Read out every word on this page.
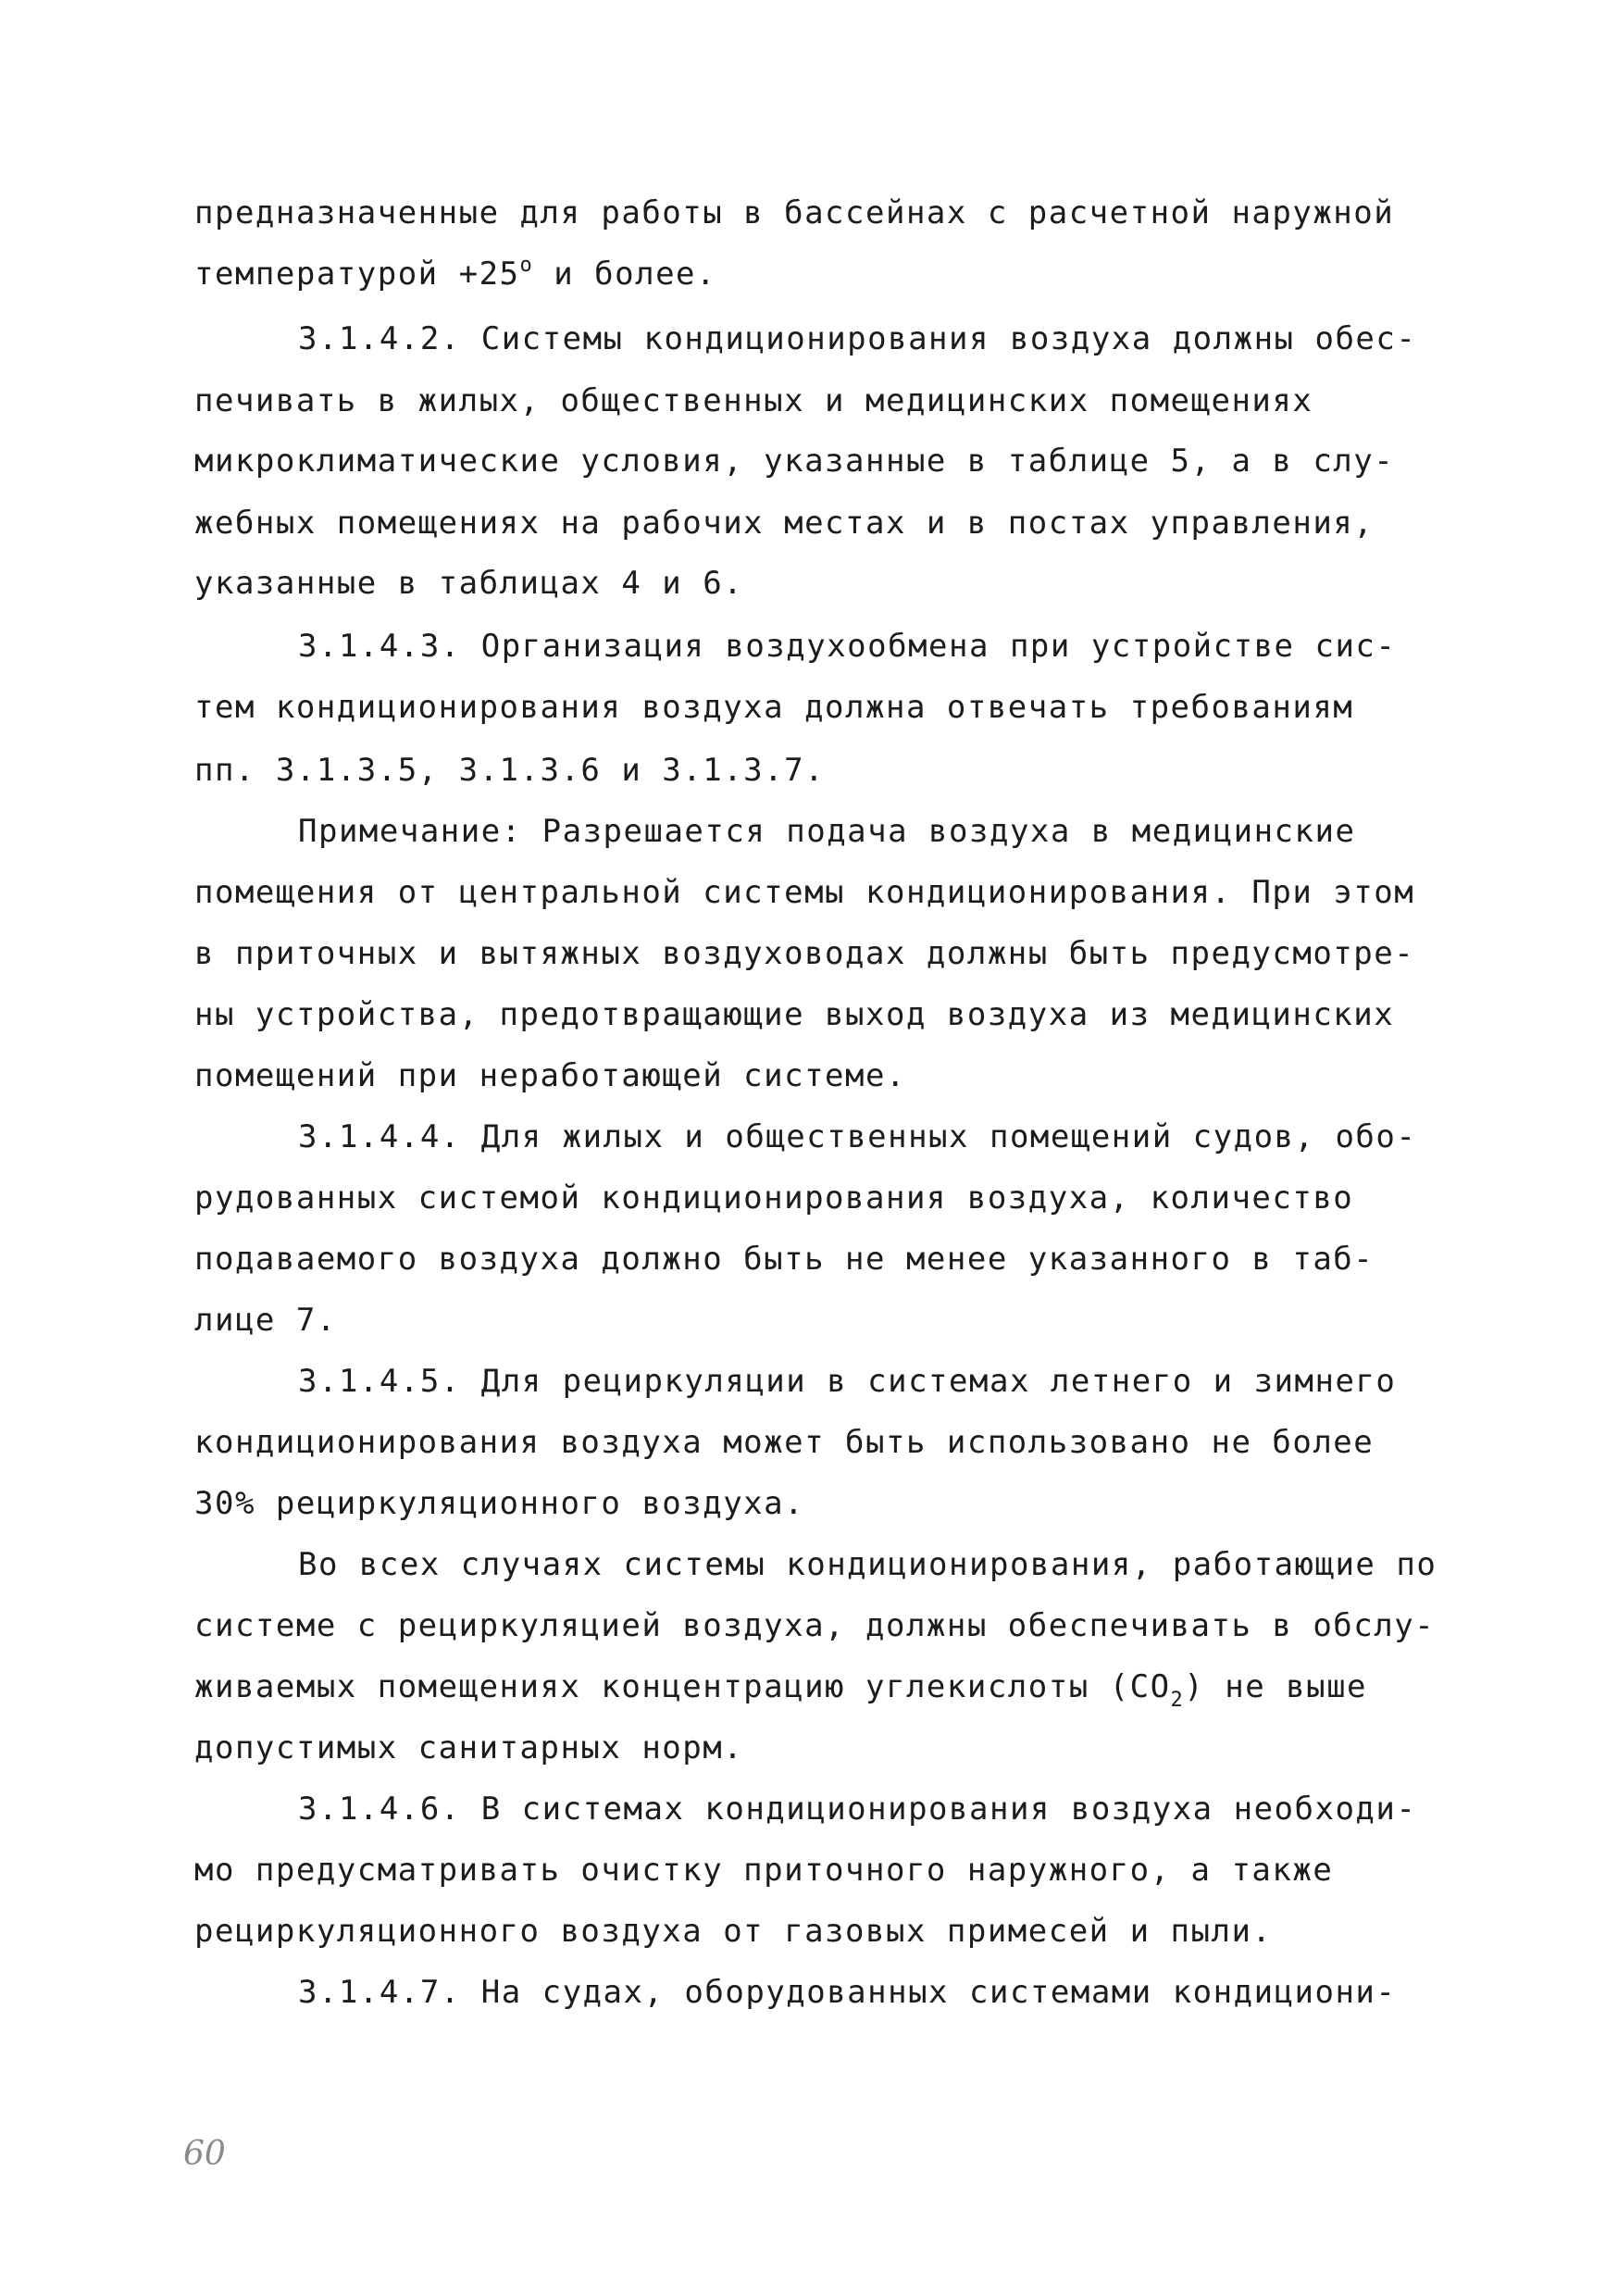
предназначенные для работы в бассейнах с расчетной наружной
температурой $+25^о$ и более.
3.1.4.2. Системы кондиционирования воздуха должны обес-
печивать в жилых, общественных и медицинских помещениях
микроклиматические условия, указанные в таблице 5, а в слу-
жебных помещениях на рабочих местах и в постах управления,
указанные в таблицах 4 и 6.
3.1.4.3. Организация воздухообмена при устройстве сис-
тем кондиционирования воздуха должна отвечать требованиям
пп. 3.1.3.5, 3.1.3.6 и 3.1.3.7.
Примечание: Разрешается подача воздуха в медицинские
помещения от центральной системы кондиционирования. При этом
в приточных и вытяжных воздуховодах должны быть предусмотре-
ны устройства, предотвращающие выход воздуха из медицинских
помещений при неработающей системе.
3.1.4.4. Для жилых и общественных помещений судов, обо-
рудованных системой кондиционирования воздуха, количество
подаваемого воздуха должно быть не менее указанного в таб-
лице 7.
3.1.4.5. Для рециркуляции в системах летнего и зимнего
кондиционирования воздуха может быть использовано не более
30% рециркуляционного воздуха.
Во всех случаях системы кондиционирования, работающие по
системе с рециркуляцией воздуха, должны обеспечивать в обслу-
живаемых помещениях концентрацию углекислоты $(СО_2)$ не выше
допустимых санитарных норм.
3.1.4.6. В системах кондиционирования воздуха необходи-
мо предусматривать очистку приточного наружного, а также
рециркуляционного воздуха от газовых примесей и пыли.
3.1.4.7. На судах, оборудованных системами кондициони-
60
